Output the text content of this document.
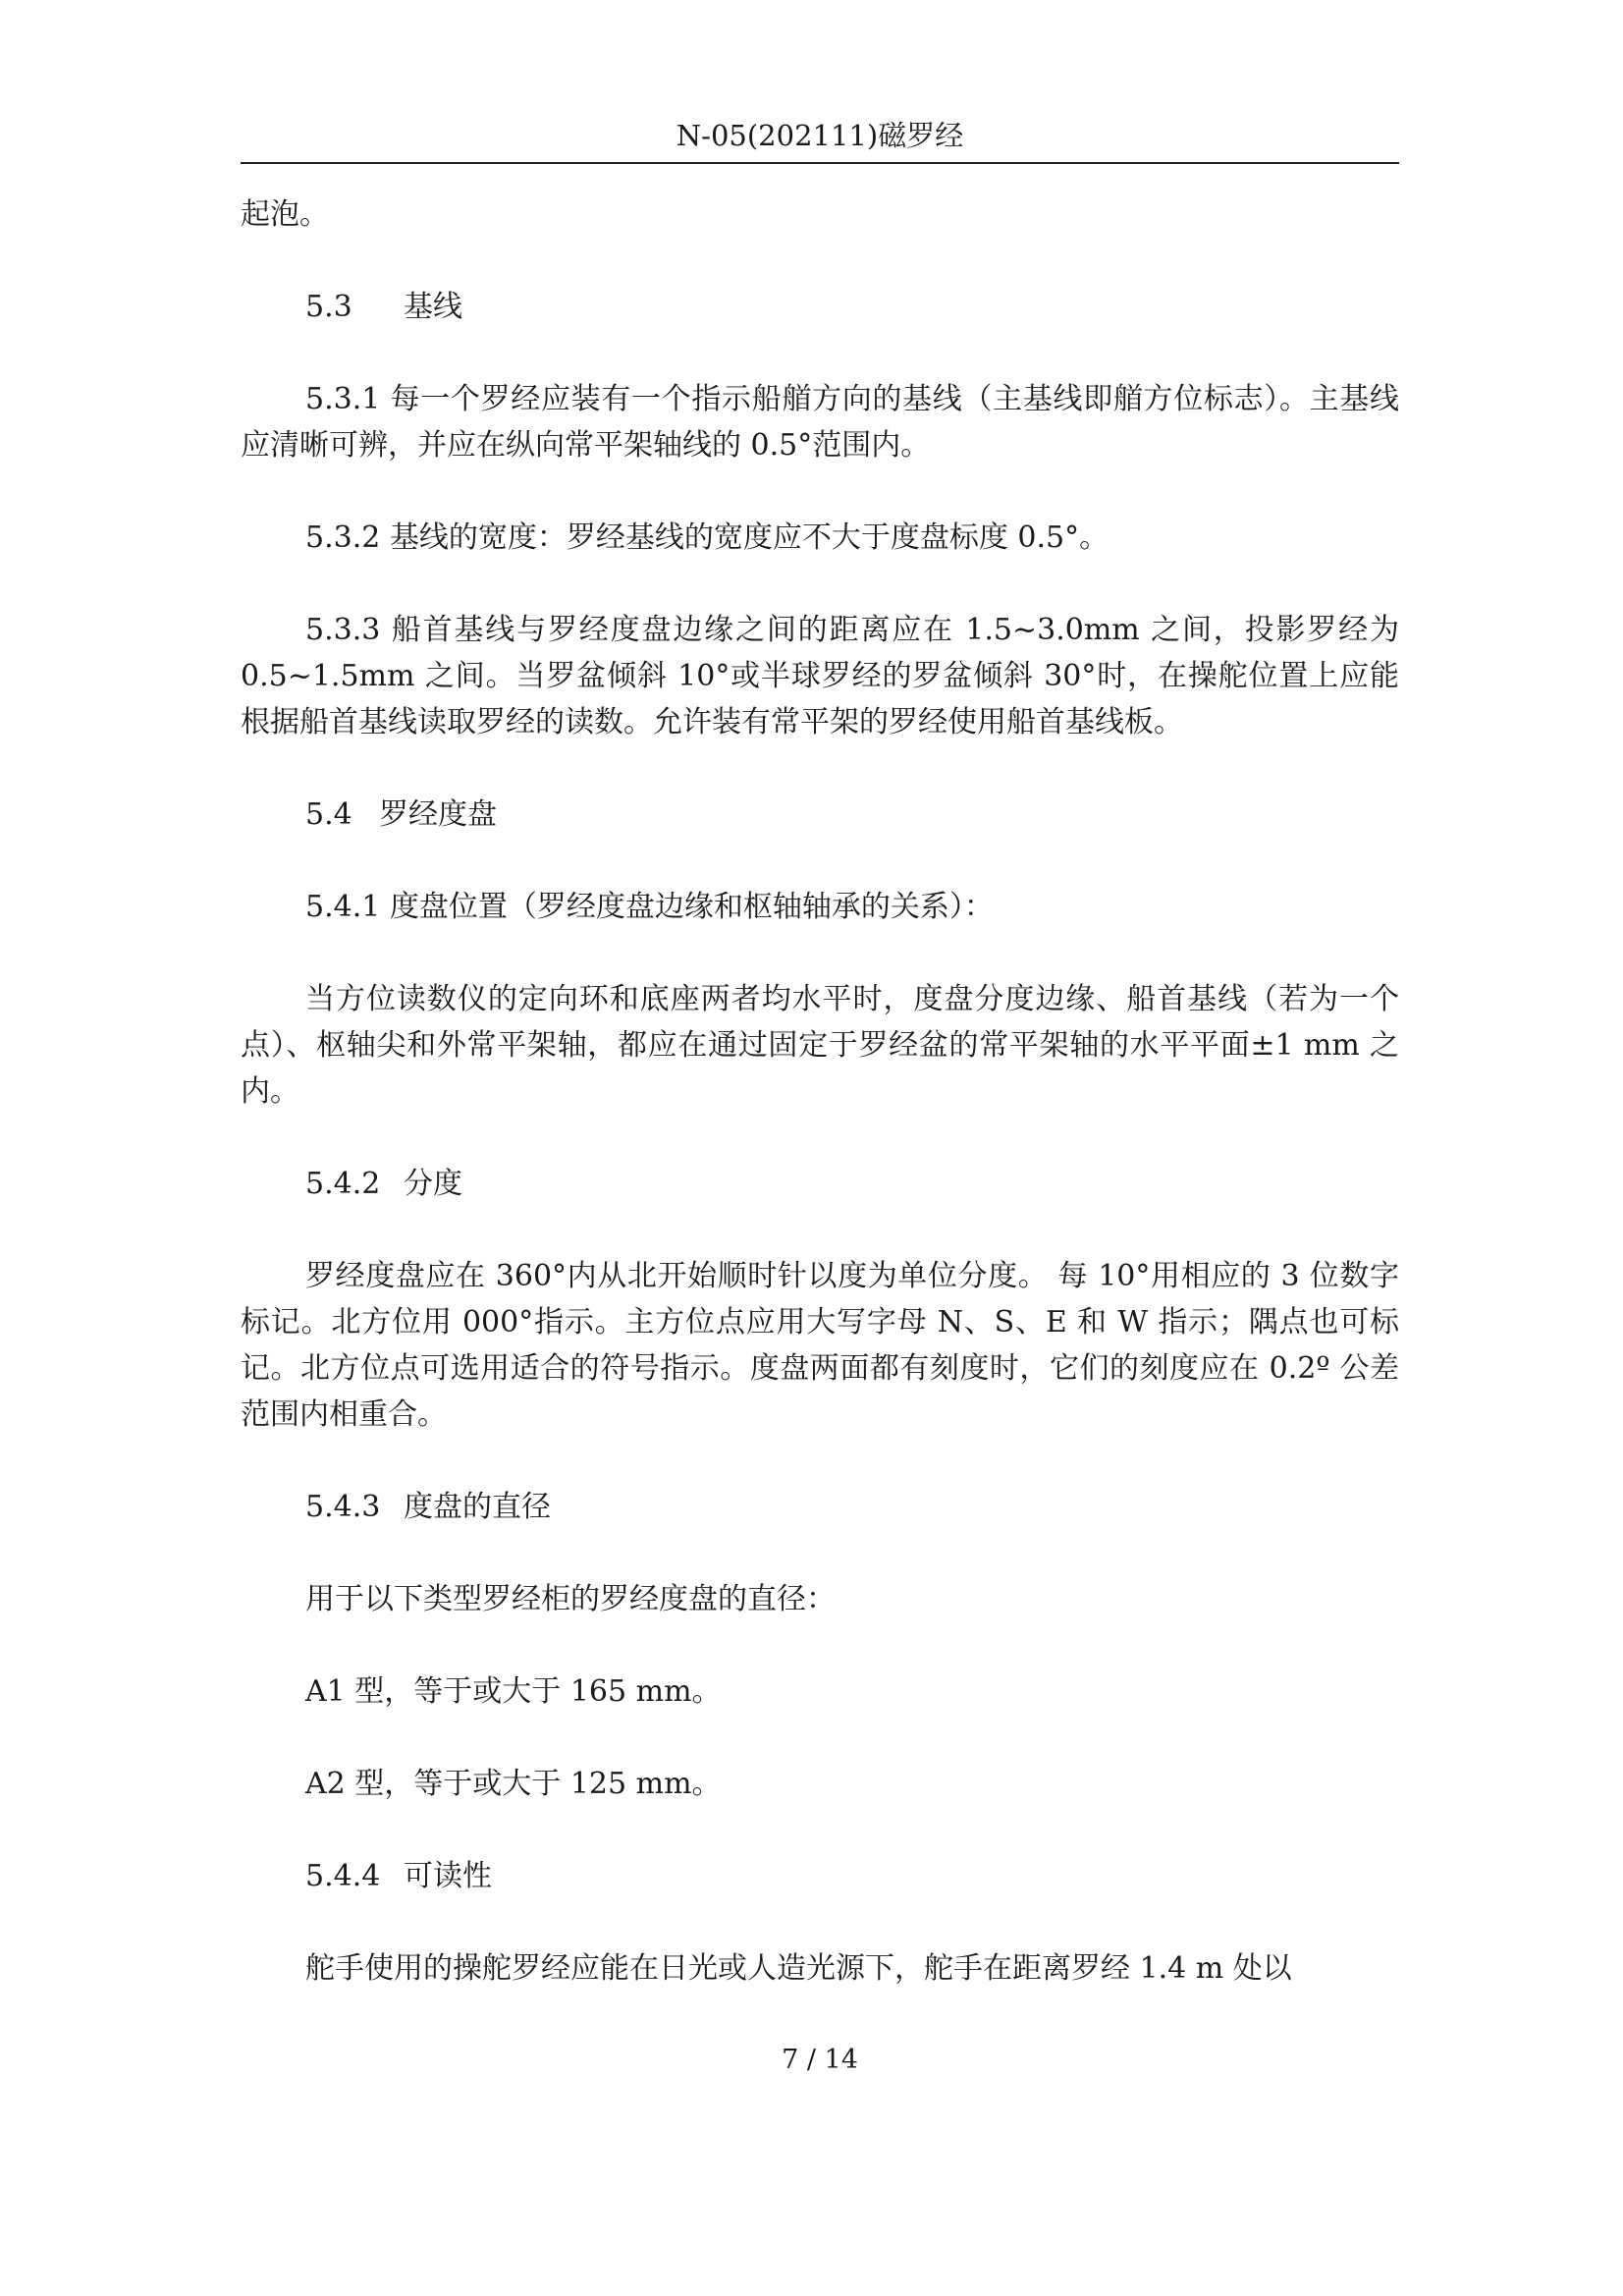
N-05(202111)磁罗经

起泡。

5.3 基线

5.3.1 每一个罗经应装有一个指示船艏方向的基线（主基线即艏方位标志）。主基线应清晰可辨，并应在纵向常平架轴线的 0.5°范围内。

5.3.2 基线的宽度：罗经基线的宽度应不大于度盘标度 0.5°。

5.3.3 船首基线与罗经度盘边缘之间的距离应在 1.5~3.0mm 之间，投影罗经为 0.5~1.5mm 之间。当罗盆倾斜 10°或半球罗经的罗盆倾斜 30°时，在操舵位置上应能根据船首基线读取罗经的读数。允许装有常平架的罗经使用船首基线板。

5.4 罗经度盘

5.4.1 度盘位置（罗经度盘边缘和枢轴轴承的关系）：

当方位读数仪的定向环和底座两者均水平时，度盘分度边缘、船首基线（若为一个点）、枢轴尖和外常平架轴，都应在通过固定于罗经盆的常平架轴的水平平面±1 mm 之内。

5.4.2 分度

罗经度盘应在 360°内从北开始顺时针以度为单位分度。 每 10°用相应的 3 位数字标记。北方位用 000°指示。主方位点应用大写字母 N、S、E 和 W 指示；隅点也可标记。北方位点可选用适合的符号指示。度盘两面都有刻度时，它们的刻度应在 0.2º 公差范围内相重合。

5.4.3 度盘的直径

用于以下类型罗经柜的罗经度盘的直径：

A1 型，等于或大于 165 mm。

A2 型，等于或大于 125 mm。

5.4.4 可读性

舵手使用的操舵罗经应能在日光或人造光源下，舵手在距离罗经 1.4 m 处以

7 / 14
